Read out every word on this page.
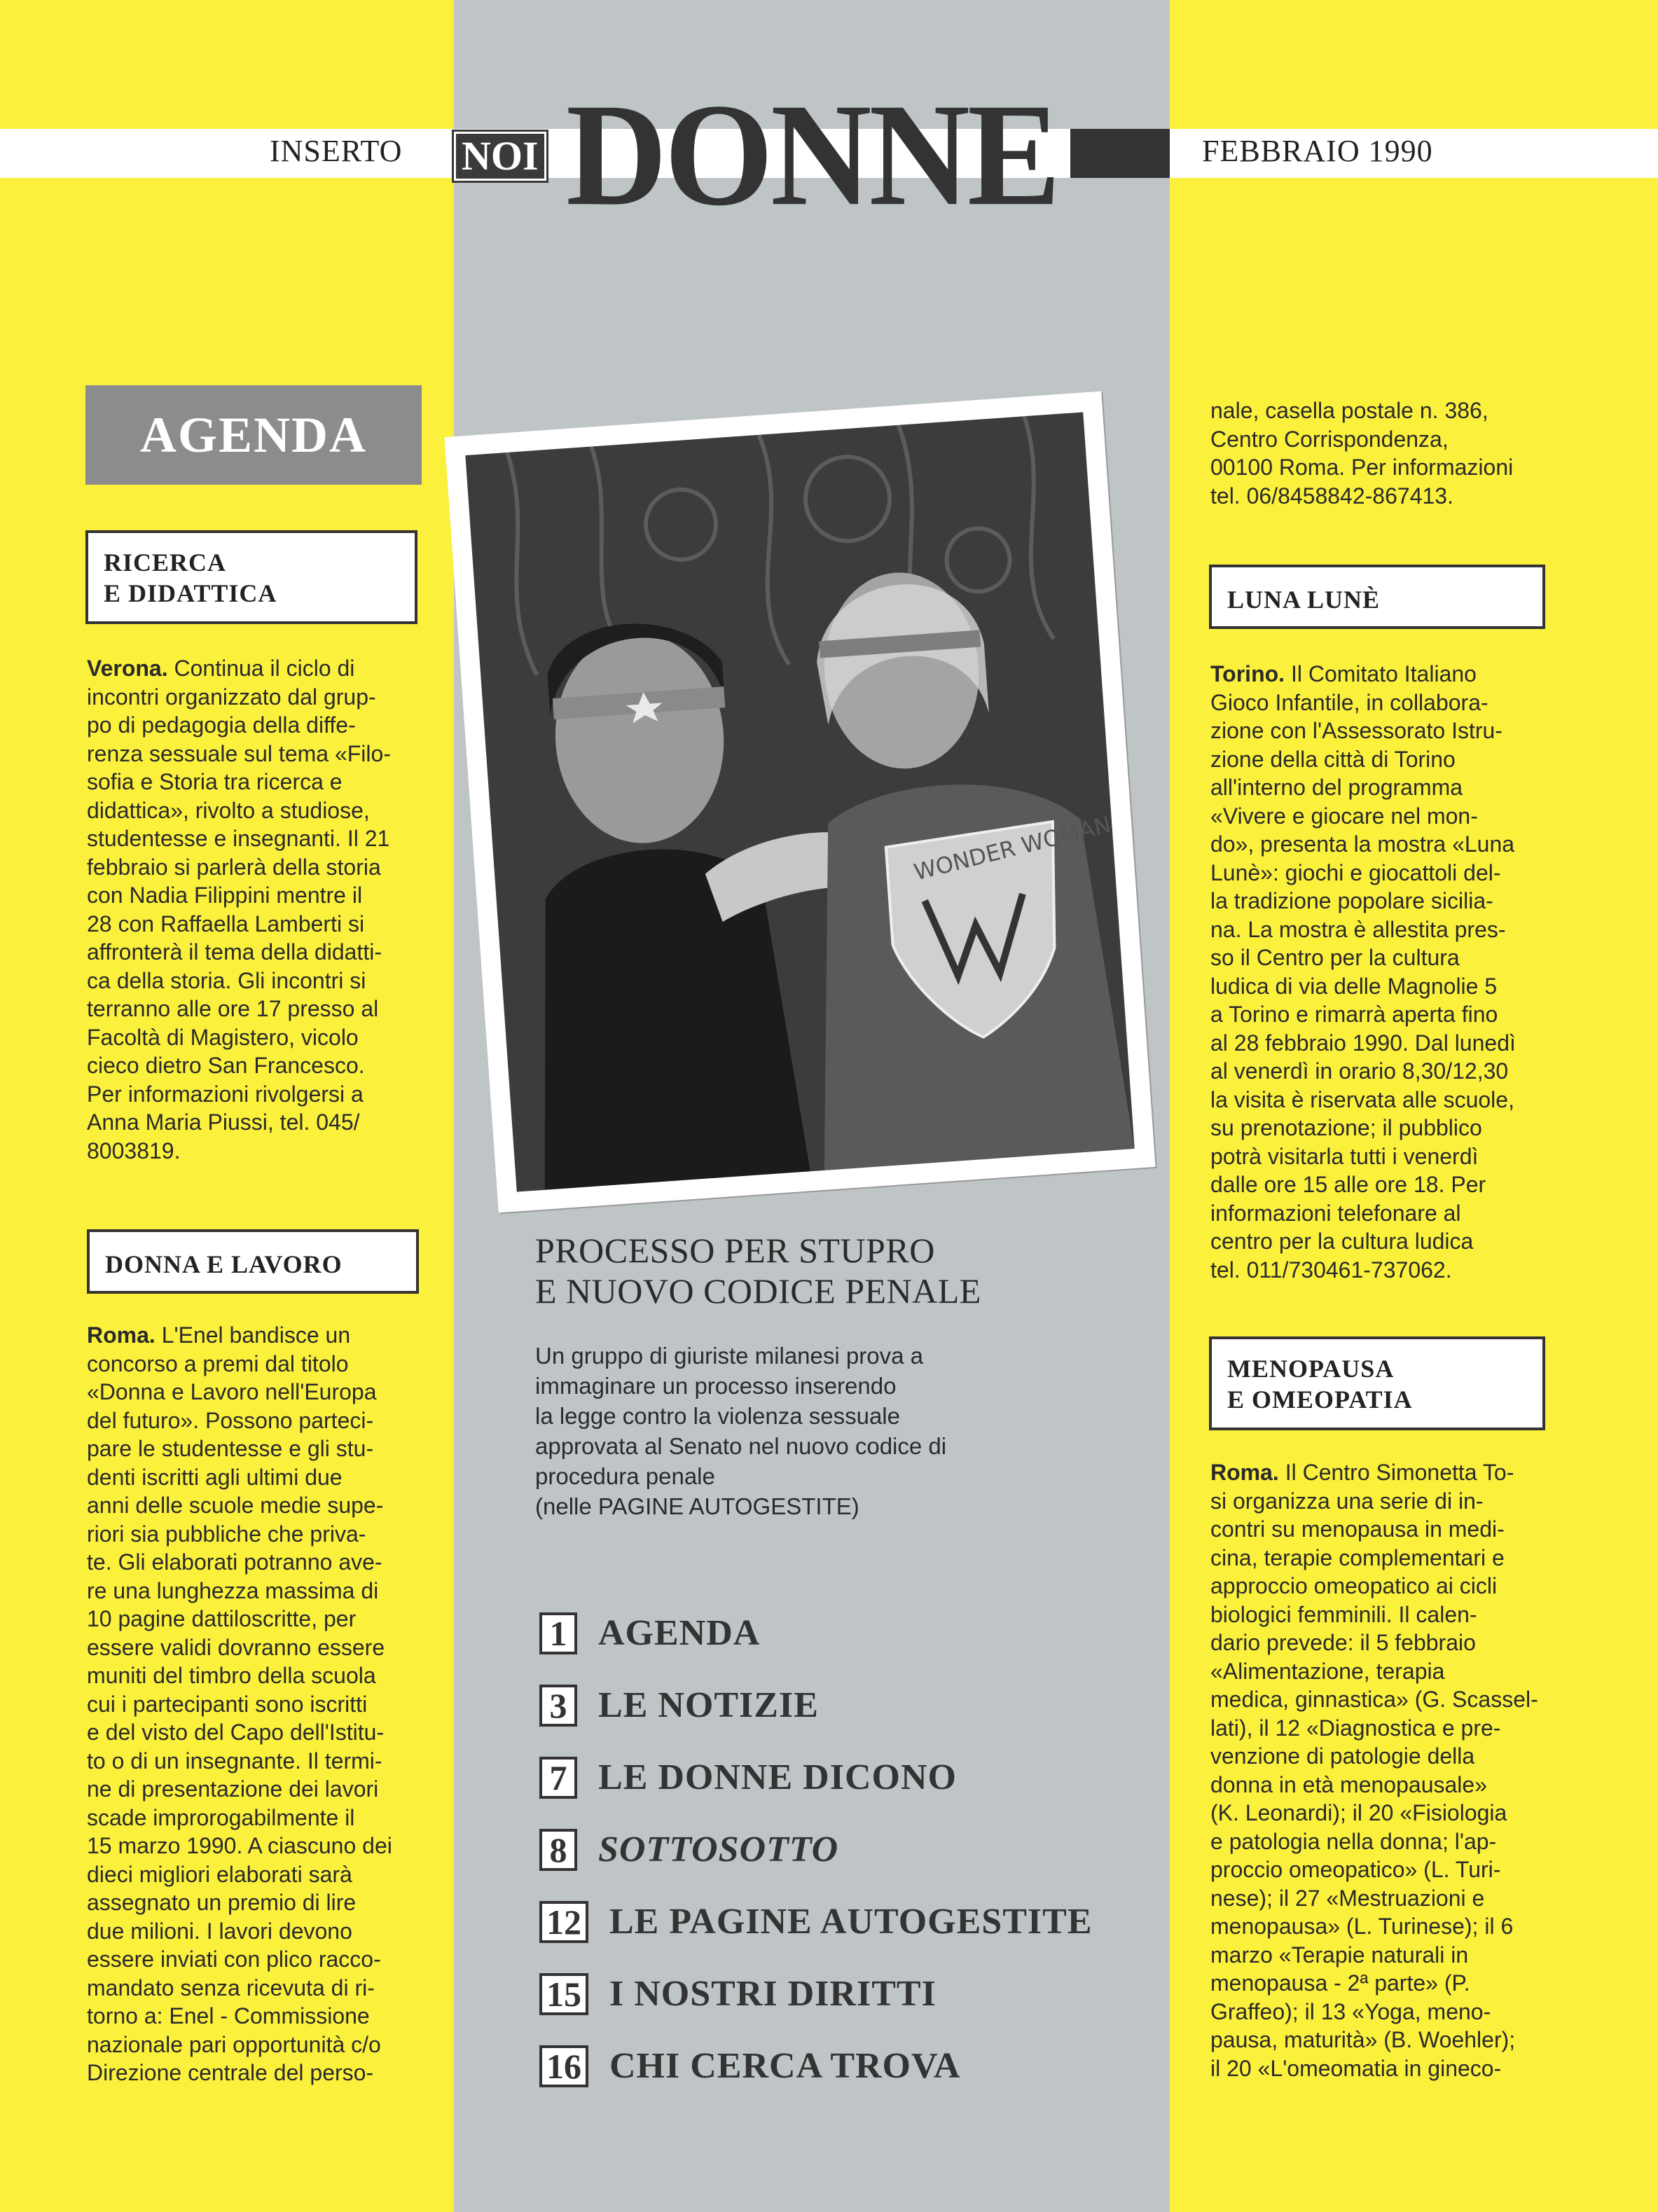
INSERTO NOI DONNE	FEBBRAIO 1990
AGENDA
RICERCA
E DIDATTICA
Verona. Continua il ciclo di
incontri organizzato dal grup-
po di pedagogia della diffe-
renza sessuale sul tema «Filo-
sofia e Storia tra ricerca e
didattica», rivolto a studiose,
studentesse e insegnanti. Il 21
febbraio si parlerà della storia
con Nadia Filippini mentre il
28 con Raffaella Lamberti si
affronterà il tema della didatti-
ca della storia. Gli incontri si
terranno alle ore 17 presso al
Facoltà di Magistero, vicolo
cieco dietro San Francesco.
Per informazioni rivolgersi a
Anna Maria Piussi, tel. 045/
8003819.
DONNA E LAVORO
Roma. L'Enel bandisce un
concorso a premi dal titolo
«Donna e Lavoro nell'Europa
del futuro». Possono parteci-
pare le studentesse e gli stu-
denti iscritti agli ultimi due
anni delle scuole medie supe-
riori sia pubbliche che priva-
te. Gli elaborati potranno ave-
re una lunghezza massima di
10 pagine dattiloscritte, per
essere validi dovranno essere
muniti del timbro della scuola
cui i partecipanti sono iscritti
e del visto del Capo dell'Istitu-
to o di un insegnante. Il termi-
ne di presentazione dei lavori
scade improrogabilmente il
15 marzo 1990. A ciascuno dei
dieci migliori elaborati sarà
assegnato un premio di lire
due milioni. I lavori devono
essere inviati con plico racco-
mandato senza ricevuta di ri-
torno a: Enel - Commissione
nazionale pari opportunità c/o
Direzione centrale del perso-
nale, casella postale n. 386,
Centro Corrispondenza,
00100 Roma. Per informazioni
tel. 06/8458842-867413.
LUNA LUNÈ
Torino. Il Comitato Italiano
Gioco Infantile, in collabora-
zione con l'Assessorato Istru-
zione della città di Torino
all'interno del programma
«Vivere e giocare nel mon-
do», presenta la mostra «Luna
Lunè»: giochi e giocattoli del-
la tradizione popolare sicilia-
na. La mostra è allestita pres-
so il Centro per la cultura
ludica di via delle Magnolie 5
a Torino e rimarrà aperta fino
al 28 febbraio 1990. Dal lunedì
al venerdì in orario 8,30/12,30
la visita è riservata alle scuole,
su prenotazione; il pubblico
potrà visitarla tutti i venerdì
dalle ore 15 alle ore 18. Per
informazioni telefonare al
centro per la cultura ludica
tel. 011/730461-737062.
MENOPAUSA
E OMEOPATIA
Roma. Il Centro Simonetta To-
si organizza una serie di in-
contri su menopausa in medi-
cina, terapie complementari e
approccio omeopatico ai cicli
biologici femminili. Il calen-
dario prevede: il 5 febbraio
«Alimentazione, terapia
medica, ginnastica» (G. Scassel-
lati), il 12 «Diagnostica e pre-
venzione di patologie della
donna in età menopausale»
(K. Leonardi); il 20 «Fisiologia
e patologia nella donna; l'ap-
proccio omeopatico» (L. Turi-
nese); il 27 «Mestruazioni e
menopausa» (L. Turinese); il 6
marzo «Terapie naturali in
menopausa - 2ª parte» (P.
Graffeo); il 13 «Yoga, meno-
pausa, maturità» (B. Woehler);
il 20 «L'omeomatia in gineco-
WONDER WOMAN
PROCESSO PER STUPRO
E NUOVO CODICE PENALE
Un gruppo di giuriste milanesi prova a
immaginare un processo inserendo
la legge contro la violenza sessuale
approvata al Senato nel nuovo codice di
procedura penale
(nelle PAGINE AUTOGESTITE)
1 AGENDA
3 LE NOTIZIE
7 LE DONNE DICONO
8 SOTTOSOTTO
12 LE PAGINE AUTOGESTITE
15 I NOSTRI DIRITTI
16 CHI CERCA TROVA
